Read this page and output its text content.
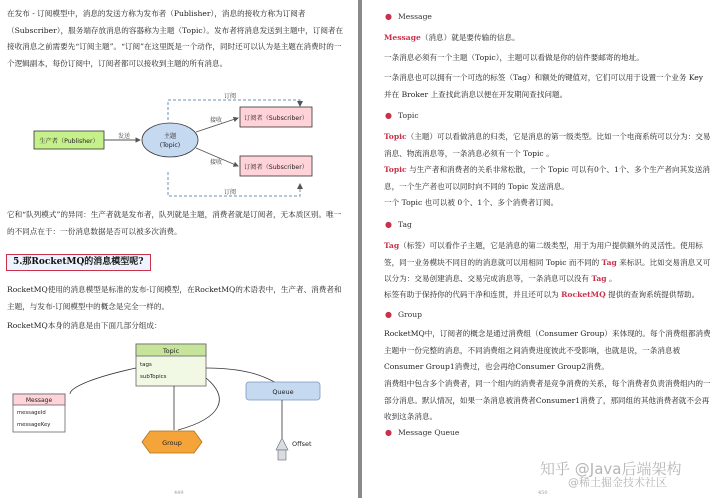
在发布 - 订阅模型中，消息的发送方称为发布者（Publisher），消息的接收方称为订阅者（Subscriber），服务端存放消息的容器称为主题（Topic）。发布者将消息发送到主题中，订阅者在接收消息之前需要先“订阅主题”。“订阅”在这里既是一个动作，同时还可以认为是主题在消费时的一个逻辑副本，每份订阅中，订阅者都可以接收到主题的所有消息。

订阅
订阅
生产者（Publisher）
发送	主题
(Topic)
接收
接收
订阅者（Subscriber）
订阅者（Subscriber）

它和“队列模式”的异同：生产者就是发布者，队列就是主题，消费者就是订阅者，无本质区别。唯一的不同点在于：一份消息数据是否可以被多次消费。

5.那RocketMQ的消息模型呢?

RocketMQ使用的消息模型是标准的发布-订阅模型，在RocketMQ的术语表中，生产者、消费者和主题，与发布-订阅模型中的概念是完全一样的。

RocketMQ本身的消息是由下面几部分组成：

Topic
tags
subTopics
Queue
Message
messageId
messageKey
Group	Offset
449
● Message

Message（消息）就是要传输的信息。

一条消息必须有一个主题（Topic），主题可以看做是你的信件要邮寄的地址。

一条消息也可以拥有一个可选的标签（Tag）和额处的键值对，它们可以用于设置一个业务 Key 并在 Broker 上查找此消息以便在开发期间查找问题。

● Topic

Topic（主题）可以看做消息的归类，它是消息的第一级类型。比如一个电商系统可以分为：交易消息、物流消息等，一条消息必须有一个 Topic 。

Topic 与生产者和消费者的关系非常松散，一个 Topic 可以有0个、1个、多个生产者向其发送消息，一个生产者也可以同时向不同的 Topic 发送消息。

一个 Topic 也可以被 0个、1个、多个消费者订阅。

● Tag

Tag（标签）可以看作子主题，它是消息的第二级类型，用于为用户提供额外的灵活性。使用标签，同一业务模块不同目的的消息就可以用相同 Topic 而不同的 Tag 来标识。比如交易消息又可以分为：交易创建消息、交易完成消息等，一条消息可以没有 Tag 。

标签有助于保持你的代码干净和连贯，并且还可以为 RocketMQ 提供的查询系统提供帮助。

● Group

RocketMQ中，订阅者的概念是通过消费组（Consumer Group）来体现的。每个消费组都消费主题中一份完整的消息，不同消费组之间消费进度彼此不受影响，也就是说，一条消息被Consumer Group1消费过，也会再给Consumer Group2消费。

消费组中包含多个消费者，同一个组内的消费者是竞争消费的关系，每个消费者负责消费组内的一部分消息。默认情况，如果一条消息被消费者Consumer1消费了，那同组的其他消费者就不会再收到这条消息。

● Message Queue
知乎 @Java后端架构
@稀土掘金技术社区
450
